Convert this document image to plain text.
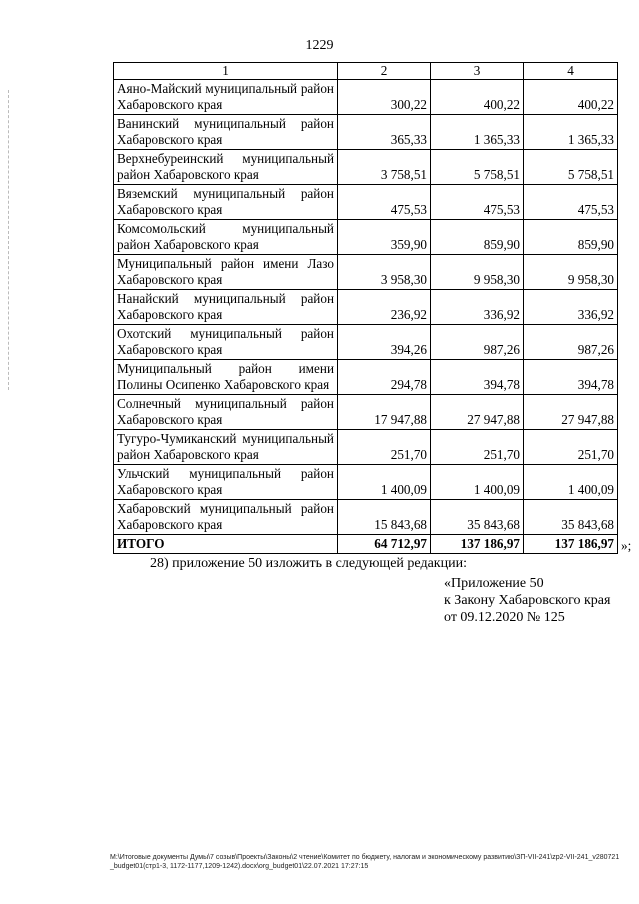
1229
1	2	3	4
Аяно-Майский муниципальный район Хабаровского края	300,22	400,22	400,22
Ванинский муниципальный район Хабаровского края	365,33	1 365,33	1 365,33
Верхнебуреинский муниципальный район Хабаровского края	3 758,51	5 758,51	5 758,51
Вяземский муниципальный район Хабаровского края	475,53	475,53	475,53
Комсомольский муниципальный район Хабаровского края	359,90	859,90	859,90
Муниципальный район имени Лазо Хабаровского края	3 958,30	9 958,30	9 958,30
Нанайский муниципальный район Хабаровского края	236,92	336,92	336,92
Охотский муниципальный район Хабаровского края	394,26	987,26	987,26
Муниципальный район имени Полины Осипенко Хабаровского края	294,78	394,78	394,78
Солнечный муниципальный район Хабаровского края	17 947,88	27 947,88	27 947,88
Тугуро-Чумиканский муниципальный район Хабаровского края	251,70	251,70	251,70
Ульчский муниципальный район Хабаровского края	1 400,09	1 400,09	1 400,09
Хабаровский муниципальный район Хабаровского края	15 843,68	35 843,68	35 843,68
ИТОГО	64 712,97	137 186,97	137 186,97 »;
28) приложение 50 изложить в следующей редакции:
«Приложение 50
к Закону Хабаровского края
от 09.12.2020 № 125
M:\Итоговые документы Думы\7 созыв\Проекты\Законы\2 чтение\Комитет по бюджету, налогам и экономическому развитию\ЗП-VII-241\zp2-VII-241_v280721_budget01(стр1-3, 1172-1177,1209-1242).docx\org_budget01\22.07.2021 17:27:15
